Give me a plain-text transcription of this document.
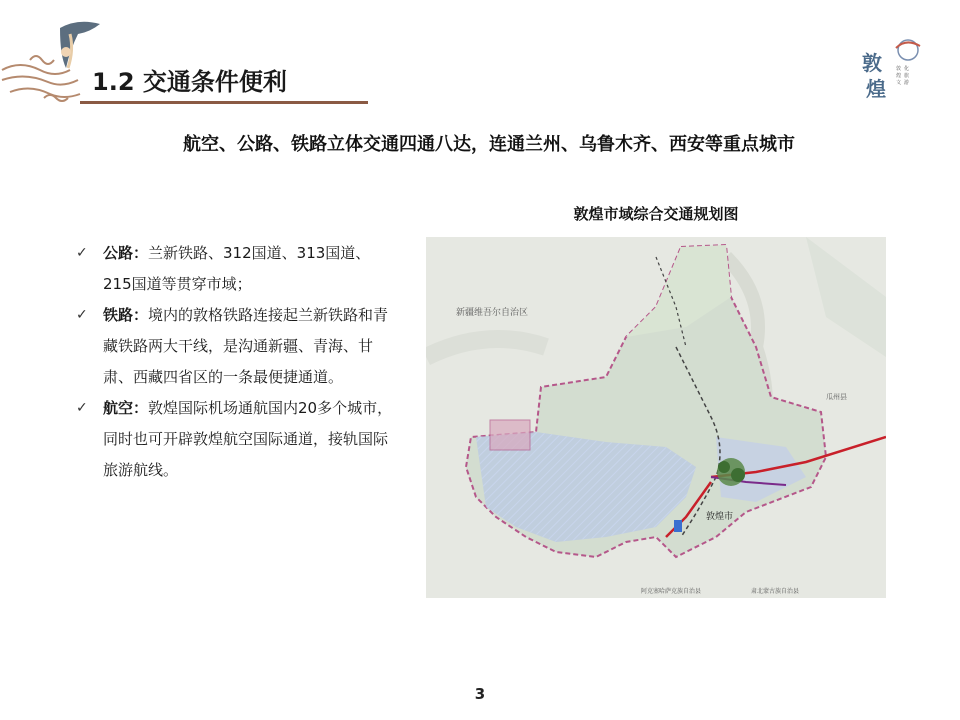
1.2 交通条件便利
敦
煌
敦
煌
文
化
旅
游
航空、公路、铁路立体交通四通八达，连通兰州、乌鲁木齐、西安等重点城市
✓ 公路：兰新铁路、312国道、313国道、215国道等贯穿市域；
✓ 铁路：境内的敦格铁路连接起兰新铁路和青藏铁路两大干线，是沟通新疆、青海、甘肃、西藏四省区的一条最便捷通道。
✓ 航空：敦煌国际机场通航国内20多个城市，同时也可开辟敦煌航空国际通道，接轨国际旅游航线。
敦煌市域综合交通规划图
新疆维吾尔自治区
瓜州县
敦煌市
阿克塞哈萨克族自治县	肃北蒙古族自治县
3
